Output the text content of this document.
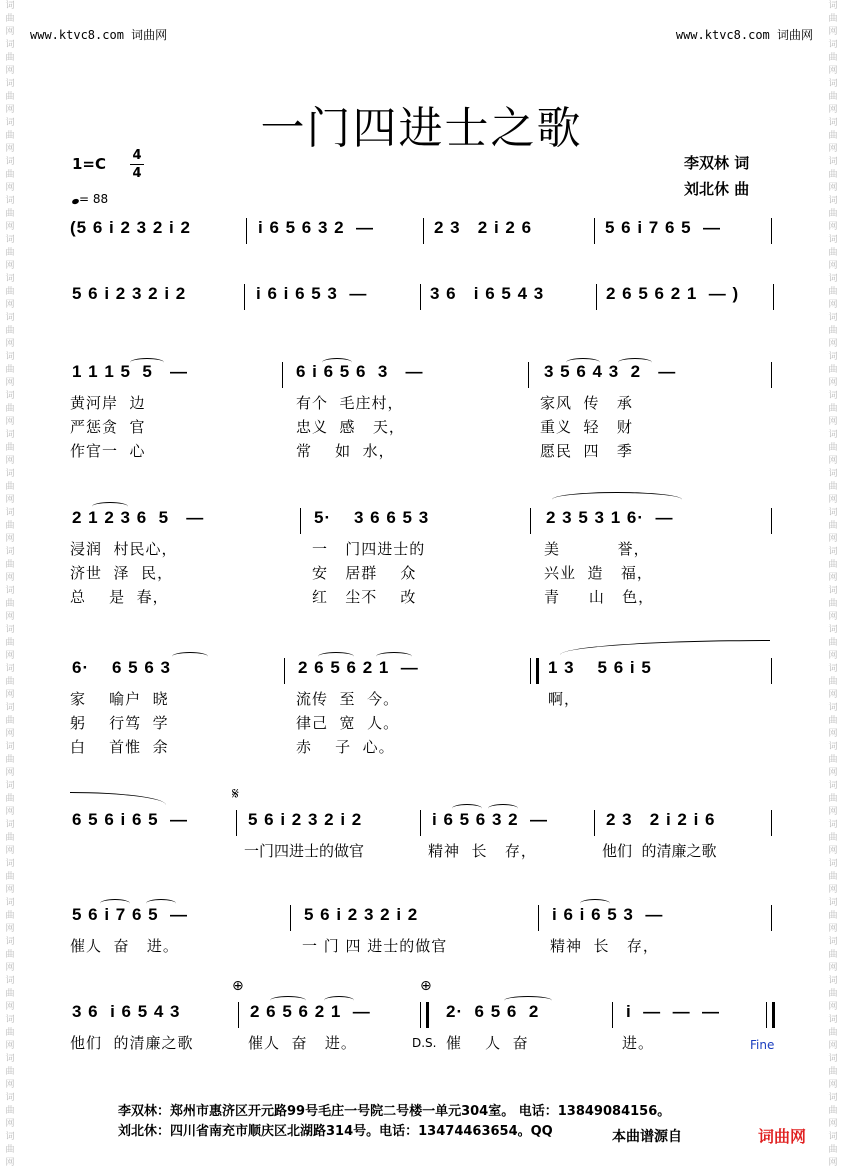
词曲网词曲网词曲网词曲网词曲网词曲网词曲网词曲网词曲网词曲网词曲网词曲网词曲网词曲网词曲网词曲网词曲网词曲网词曲网词曲网词曲网词曲网词曲网词曲网词曲网词曲网词曲网词曲网词曲网词曲网
词曲网词曲网词曲网词曲网词曲网词曲网词曲网词曲网词曲网词曲网词曲网词曲网词曲网词曲网词曲网词曲网词曲网词曲网词曲网词曲网词曲网词曲网词曲网词曲网词曲网词曲网词曲网词曲网词曲网词曲网
www.ktvc8.com 词曲网	www.ktvc8.com 词曲网
一门四进士之歌
1=C 4
4
= 88
李双林 词
刘北休 曲
(5 6 i 2 3 2 i 2	i 6 5 6 3 2  —	2 3   2 i 2 6	5 6 i 7 6 5  —
5 6 i 2 3 2 i 2	i 6 i 6 5 3  —	3 6   i 6 5 4 3	2 6 5 6 2 1  — )
1 1 1 5  5   —	6 i 6 5 6  3   —	3 5 6 4 3  2   —
黄河岸  边	有个  毛庄村，	家风  传   承
严惩贪  官	忠义  感   天，	重义  轻   财
作官一  心	常    如  水，	愿民  四   季
2 1 2 3 6  5   —	5·    3 6 6 5 3	2 3 5 3 1 6·  —
浸润  村民心，	一   门四进士的	美          誉，
济世  泽  民，	安   居群    众	兴业  造   福，
总    是  春，	红   尘不    改	青     山   色，
6·    6 5 6 3	2 6 5 6 2 1  —	1 3    5 6 i 5
家    喻户  晓	流传  至  今。	啊，
躬    行笃  学	律己  宽  人。
白    首惟  余	赤    子  心。
𝄋
6 5 6 i 6 5  —	5 6 i 2 3 2 i 2	i 6 5 6 3 2  —	2 3   2 i 2 i 6
一门四进士的做官	精神  长   存，	他们  的清廉之歌
5 6 i 7 6 5  —	5 6 i 2 3 2 i 2	i 6 i 6 5 3  —
催人  奋   进。	一 门 四 进士的做官	精神  长   存，
⊕	⊕
3 6  i 6 5 4 3	2 6 5 6 2 1  —	2·  6 5 6  2	i  —  —  —
他们  的清廉之歌	催人  奋   进。	D.S. 催    人  奋	进。	Fine
李双林：郑州市惠济区开元路99号毛庄一号院二号楼一单元304室。 电话：13849084156。
刘北休：四川省南充市顺庆区北湖路314号。电话：13474463654。QQ	本曲谱源自	词曲网
